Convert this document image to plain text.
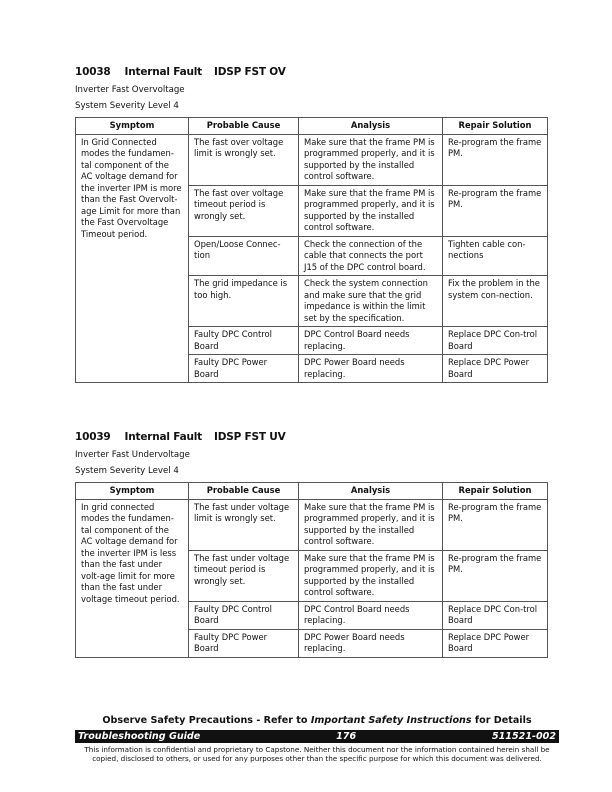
10038 Internal Fault IDSP FST OV
Inverter Fast Overvoltage
System Severity Level 4
Symptom	Probable Cause	Analysis	Repair Solution
In Grid Connected modes the fundamen-tal component of the AC voltage demand for the inverter IPM is more than the Fast Overvolt-age Limit for more than the Fast Overvoltage Timeout period.	The fast over voltage limit is wrongly set.	Make sure that the frame PM is programmed properly, and it is supported by the installed control software.	Re-program the frame PM.
	The fast over voltage timeout period is wrongly set.	Make sure that the frame PM is programmed properly, and it is supported by the installed control software.	Re-program the frame PM.
	Open/Loose Connec-tion	Check the connection of the cable that connects the port J15 of the DPC control board.	Tighten cable con-nections
	The grid impedance is too high.	Check the system connection and make sure that the grid impedance is within the limit set by the specification.	Fix the problem in the system con-nection.
	Faulty DPC Control Board	DPC Control Board needs replacing.	Replace DPC Con-trol Board
	Faulty DPC Power Board	DPC Power Board needs replacing.	Replace DPC Power Board
10039 Internal Fault IDSP FST UV
Inverter Fast Undervoltage
System Severity Level 4
Symptom	Probable Cause	Analysis	Repair Solution
In grid connected modes the fundamen-tal component of the AC voltage demand for the inverter IPM is less than the fast under volt-age limit for more than the fast under voltage timeout period.	The fast under voltage limit is wrongly set.	Make sure that the frame PM is programmed properly, and it is supported by the installed control software.	Re-program the frame PM.
	The fast under voltage timeout period is wrongly set.	Make sure that the frame PM is programmed properly, and it is supported by the installed control software.	Re-program the frame PM.
	Faulty DPC Control Board	DPC Control Board needs replacing.	Replace DPC Con-trol Board
	Faulty DPC Power Board	DPC Power Board needs replacing.	Replace DPC Power Board
Observe Safety Precautions - Refer to Important Safety Instructions for Details
Troubleshooting Guide	176	511521-002
This information is confidential and proprietary to Capstone. Neither this document nor the information contained herein shall be copied, disclosed to others, or used for any purposes other than the specific purpose for which this document was delivered.
